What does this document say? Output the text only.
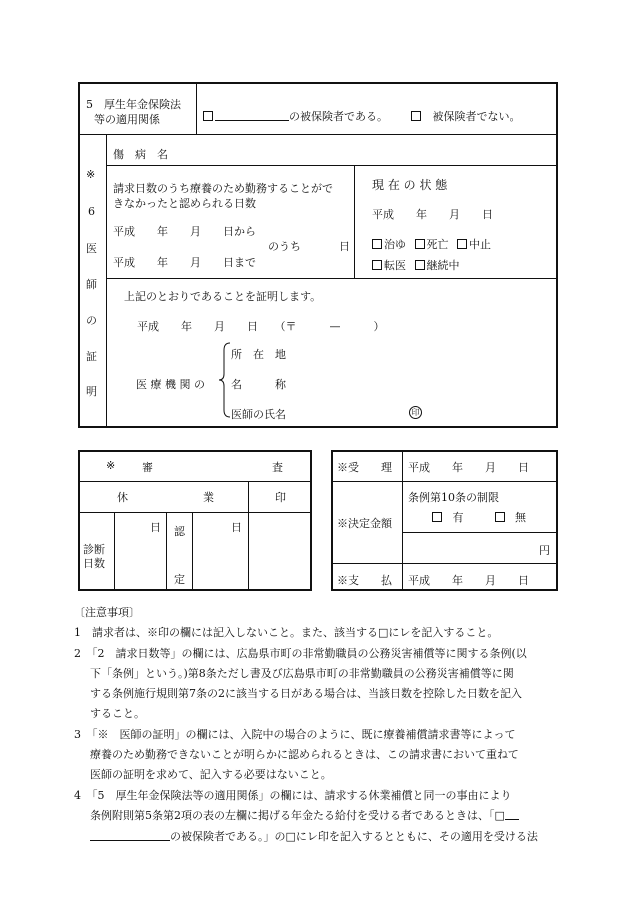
5　厚生年金保険法
等の適用関係	の被保険者である。	被保険者でない。
※
6
医
師
の
証
明
傷　病　名
請求日数のうち療養のため勤務することがで
きなかったと認められる日数
平成　　年　　月　　日から
のうち	日
平成　　年　　月　　日まで
現 在 の 状 態
平成　　年　　月　　日
治ゆ 死亡 中止
転医 継続中
上記のとおりであることを証明します。
平成　　年　　月　　日　　（〒　　　—　　　）
医 療 機 関 の
所　在　地
名　　　称
医師の氏名	印
※ 審	査
休	業	印
診断
日数
日 認
定
日
※受　　理 平成　　年　　月　　日
※決定金額
条例第10条の制限
有	無
円
※支　　払 平成　　年　　月　　日
〔注意事項〕
1　請求者は、※印の欄には記入しないこと。また、該当する□にレを記入すること。
2　「2　請求日数等」の欄には、広島県市町の非常勤職員の公務災害補償等に関する条例(以
下「条例」という。)第8条ただし書及び広島県市町の非常勤職員の公務災害補償等に関
する条例施行規則第7条の2に該当する日がある場合は、当該日数を控除した日数を記入
すること。
3　「※　医師の証明」の欄には、入院中の場合のように、既に療養補償請求書等によって
療養のため勤務できないことが明らかに認められるときは、この請求書において重ねて
医師の証明を求めて、記入する必要はないこと。
4　「5　厚生年金保険法等の適用関係」の欄には、請求する休業補償と同一の事由により
条例附則第5条第2項の表の左欄に掲げる年金たる給付を受ける者であるときは、「□
の被保険者である。」の□にレ印を記入するとともに、その適用を受ける法
